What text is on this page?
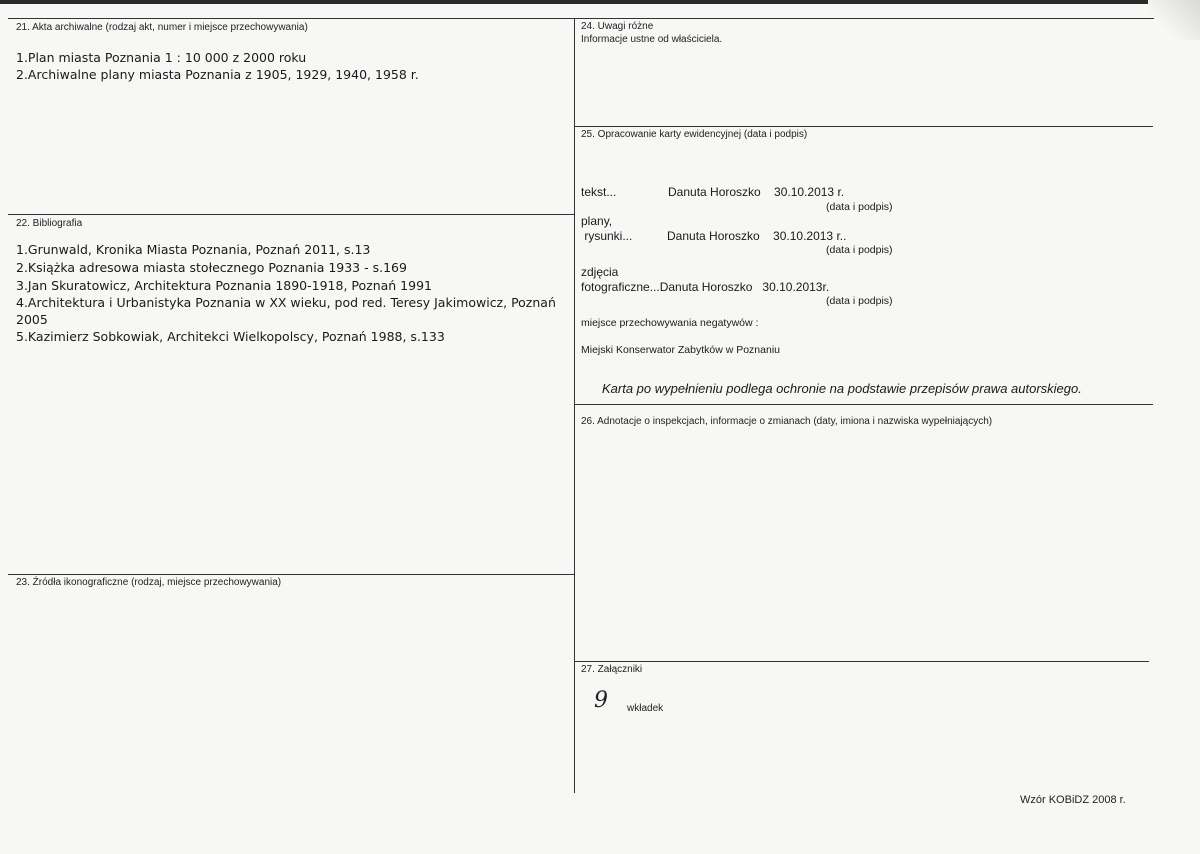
21. Akta archiwalne (rodzaj akt, numer i miejsce przechowywania)
1.Plan miasta Poznania 1 : 10 000 z 2000 roku
2.Archiwalne plany miasta Poznania z 1905, 1929, 1940, 1958 r.
22. Bibliografia
1.Grunwald, Kronika Miasta Poznania, Poznań 2011, s.13
2.Książka adresowa miasta stołecznego Poznania 1933 - s.169
3.Jan Skuratowicz, Architektura Poznania 1890-1918, Poznań 1991
4.Architektura i Urbanistyka Poznania w XX wieku, pod red. Teresy Jakimowicz, Poznań
2005
5.Kazimierz Sobkowiak, Architekci Wielkopolscy, Poznań 1988, s.133
23. Źródła ikonograficzne (rodzaj, miejsce przechowywania)
24. Uwagi różne
Informacje ustne od właściciela.
25. Opracowanie karty ewidencyjnej (data i podpis)
tekst...	Danuta Horoszko    30.10.2013 r.
(data i podpis)
plany,
rysunki...	Danuta Horoszko    30.10.2013 r..
(data i podpis)
zdjęcia
fotograficzne...Danuta Horoszko   30.10.2013r.
(data i podpis)
miejsce przechowywania negatywów :
Miejski Konserwator Zabytków w Poznaniu
Karta po wypełnieniu podlega ochronie na podstawie przepisów prawa autorskiego.
26. Adnotacje o inspekcjach, informacje o zmianach (daty, imiona i nazwiska wypełniających)
27. Załączniki
9 wkładek
Wzór KOBiDZ 2008 r.
